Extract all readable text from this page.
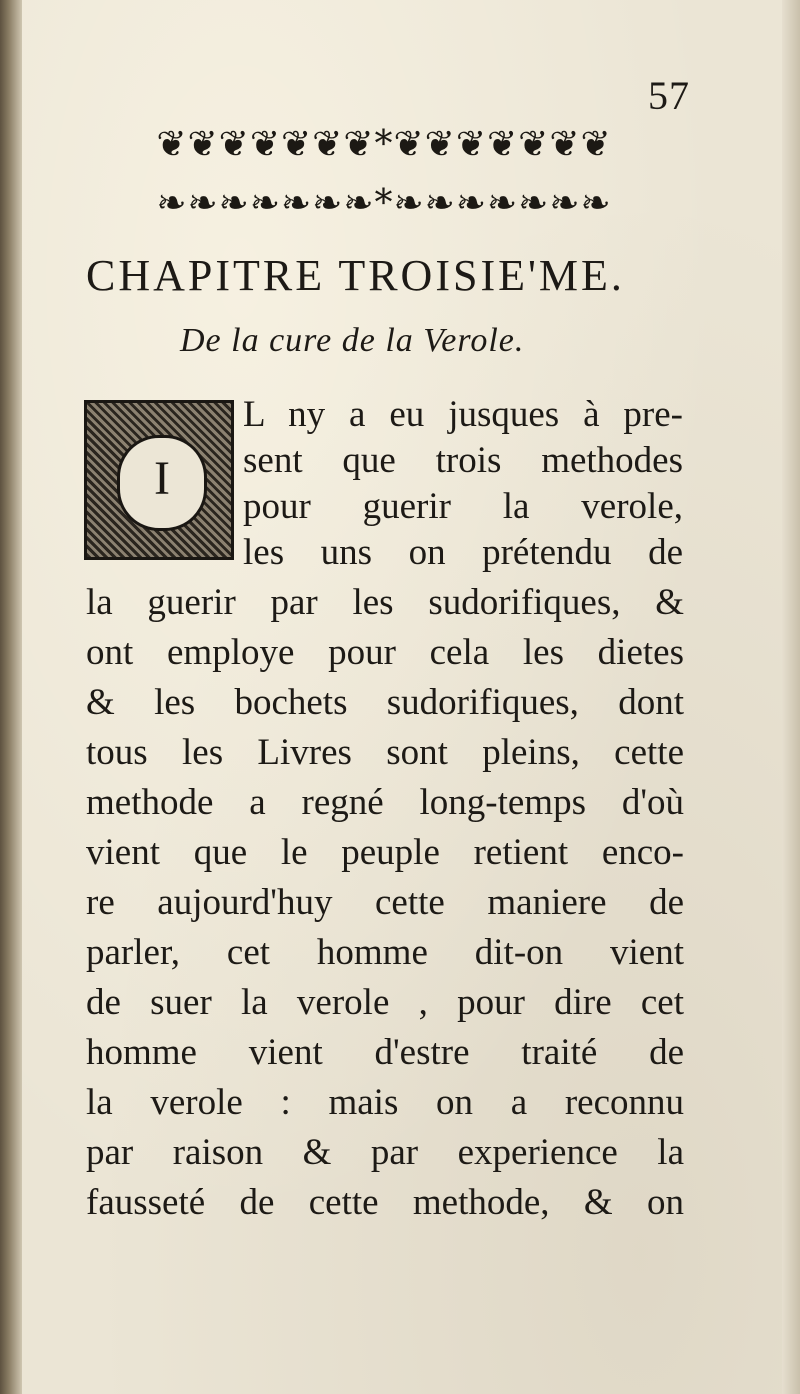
57
❦❦❦❦❦❦❦*❦❦❦❦❦❦❦
❧❧❧❧❧❧❧*❧❧❧❧❧❧❧
CHAPITRE TROISIE'ME.
De la cure de la Verole.
I
L ny a eu jusques à pre-
sent que trois methodes
pour guerir la verole,
les uns on prétendu de
la guerir par les sudorifiques, &
ont employe pour cela les dietes
& les bochets sudorifiques, dont
tous les Livres sont pleins, cette
methode a regné long-temps d'où
vient que le peuple retient enco-
re aujourd'huy cette maniere de
parler, cet homme dit-on vient
de suer la verole , pour dire cet
homme vient d'estre traité de
la verole : mais on a reconnu
par raison & par experience la
fausseté de cette methode, & on
